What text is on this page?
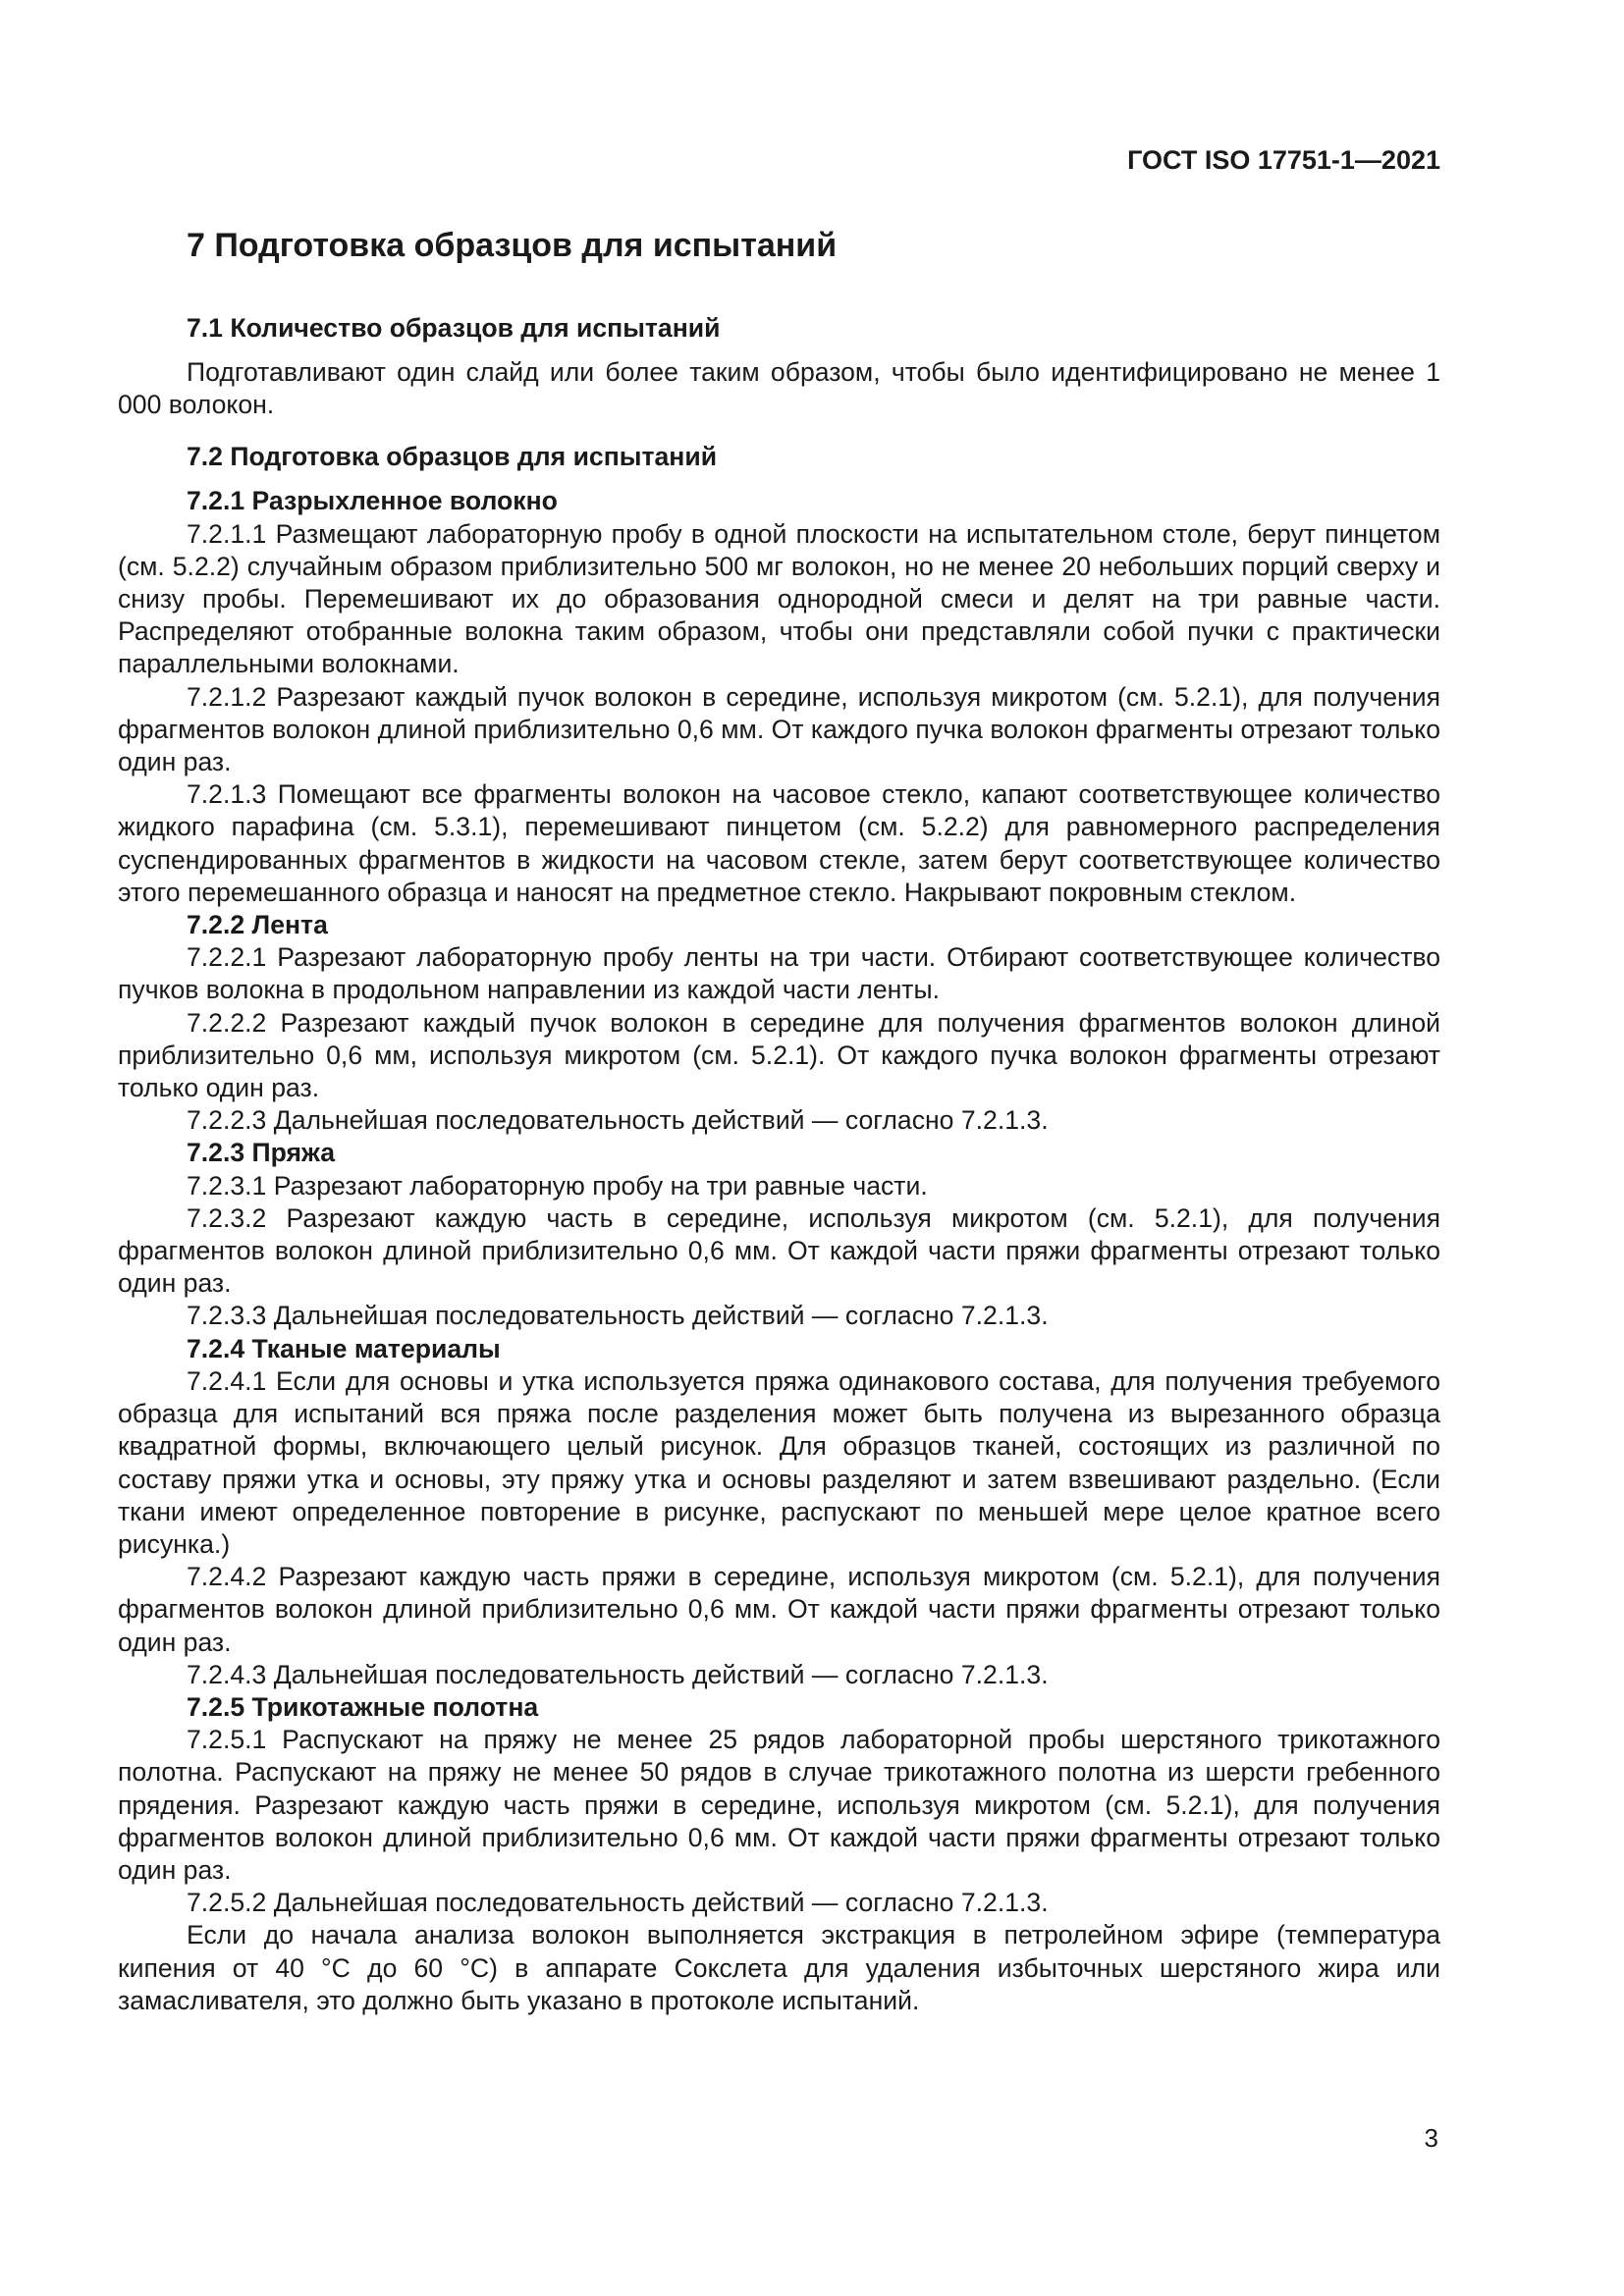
ГОСТ ISO 17751-1—2021
7 Подготовка образцов для испытаний
7.1 Количество образцов для испытаний

Подготавливают один слайд или более таким образом, чтобы было идентифицировано не менее 1 000 волокон.

7.2 Подготовка образцов для испытаний
7.2.1 Разрыхленное волокно

7.2.1.1 Размещают лабораторную пробу в одной плоскости на испытательном столе, берут пинцетом (см. 5.2.2) случайным образом приблизительно 500 мг волокон, но не менее 20 небольших порций сверху и снизу пробы. Перемешивают их до образования однородной смеси и делят на три равные части. Распределяют отобранные волокна таким образом, чтобы они представляли собой пучки с практически параллельными волокнами.

7.2.1.2 Разрезают каждый пучок волокон в середине, используя микротом (см. 5.2.1), для получения фрагментов волокон длиной приблизительно 0,6 мм. От каждого пучка волокон фрагменты отрезают только один раз.

7.2.1.3 Помещают все фрагменты волокон на часовое стекло, капают соответствующее количество жидкого парафина (см. 5.3.1), перемешивают пинцетом (см. 5.2.2) для равномерного распределения суспендированных фрагментов в жидкости на часовом стекле, затем берут соответствующее количество этого перемешанного образца и наносят на предметное стекло. Накрывают покровным стеклом.

7.2.2 Лента

7.2.2.1 Разрезают лабораторную пробу ленты на три части. Отбирают соответствующее количество пучков волокна в продольном направлении из каждой части ленты.

7.2.2.2 Разрезают каждый пучок волокон в середине для получения фрагментов волокон длиной приблизительно 0,6 мм, используя микротом (см. 5.2.1). От каждого пучка волокон фрагменты отрезают только один раз.

7.2.2.3 Дальнейшая последовательность действий — согласно 7.2.1.3.

7.2.3 Пряжа

7.2.3.1 Разрезают лабораторную пробу на три равные части.

7.2.3.2 Разрезают каждую часть в середине, используя микротом (см. 5.2.1), для получения фрагментов волокон длиной приблизительно 0,6 мм. От каждой части пряжи фрагменты отрезают только один раз.

7.2.3.3 Дальнейшая последовательность действий — согласно 7.2.1.3.

7.2.4 Тканые материалы

7.2.4.1 Если для основы и утка используется пряжа одинакового состава, для получения требуемого образца для испытаний вся пряжа после разделения может быть получена из вырезанного образца квадратной формы, включающего целый рисунок. Для образцов тканей, состоящих из различной по составу пряжи утка и основы, эту пряжу утка и основы разделяют и затем взвешивают раздельно. (Если ткани имеют определенное повторение в рисунке, распускают по меньшей мере целое кратное всего рисунка.)

7.2.4.2 Разрезают каждую часть пряжи в середине, используя микротом (см. 5.2.1), для получения фрагментов волокон длиной приблизительно 0,6 мм. От каждой части пряжи фрагменты отрезают только один раз.

7.2.4.3 Дальнейшая последовательность действий — согласно 7.2.1.3.

7.2.5 Трикотажные полотна

7.2.5.1 Распускают на пряжу не менее 25 рядов лабораторной пробы шерстяного трикотажного полотна. Распускают на пряжу не менее 50 рядов в случае трикотажного полотна из шерсти гребенного прядения. Разрезают каждую часть пряжи в середине, используя микротом (см. 5.2.1), для получения фрагментов волокон длиной приблизительно 0,6 мм. От каждой части пряжи фрагменты отрезают только один раз.

7.2.5.2 Дальнейшая последовательность действий — согласно 7.2.1.3.

Если до начала анализа волокон выполняется экстракция в петролейном эфире (температура кипения от 40 °C до 60 °C) в аппарате Сокслета для удаления избыточных шерстяного жира или замасливателя, это должно быть указано в протоколе испытаний.

3
